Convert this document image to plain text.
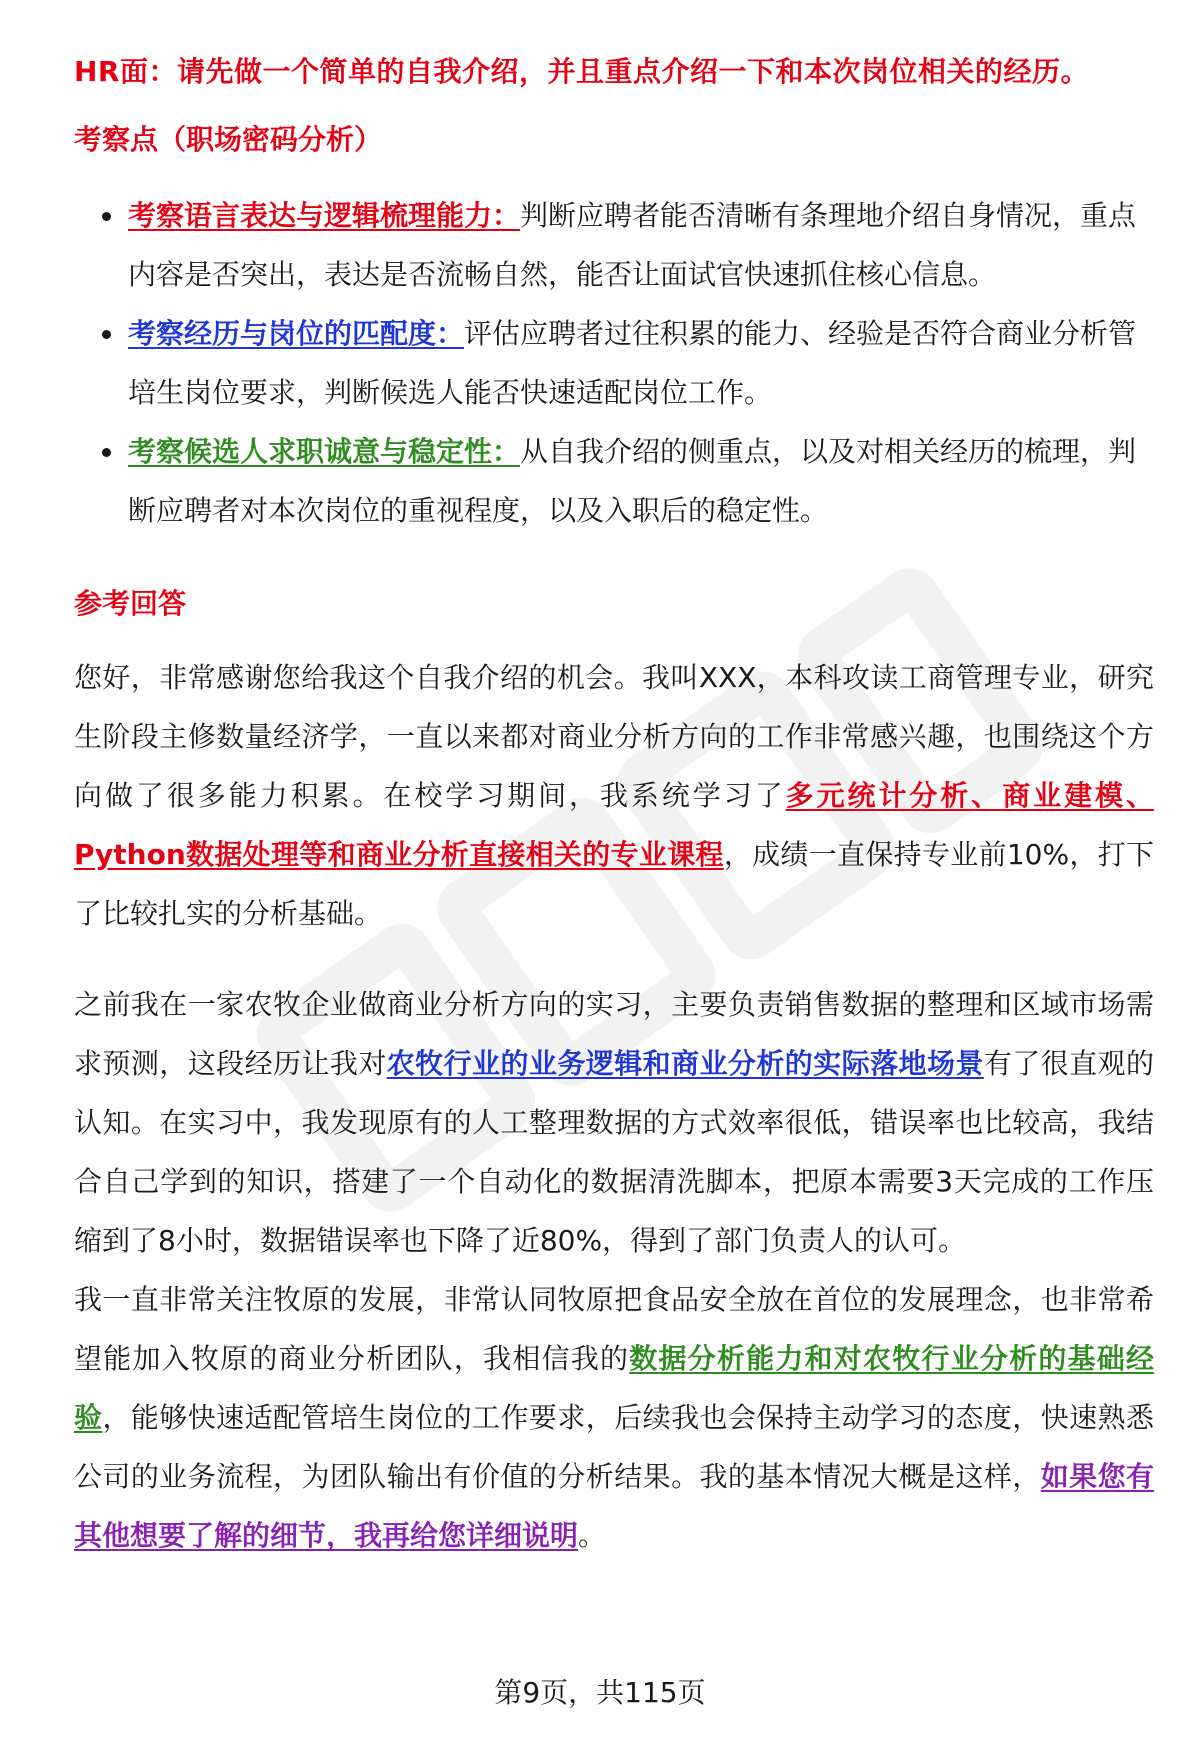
HR面：请先做一个简单的自我介绍，并且重点介绍一下和本次岗位相关的经历。
考察点（职场密码分析）
考察语言表达与逻辑梳理能力：判断应聘者能否清晰有条理地介绍自身情况，重点内容是否突出，表达是否流畅自然，能否让面试官快速抓住核心信息。
考察经历与岗位的匹配度：评估应聘者过往积累的能力、经验是否符合商业分析管培生岗位要求，判断候选人能否快速适配岗位工作。
考察候选人求职诚意与稳定性：从自我介绍的侧重点，以及对相关经历的梳理，判断应聘者对本次岗位的重视程度，以及入职后的稳定性。
参考回答

您好，非常感谢您给我这个自我介绍的机会。我叫XXX，本科攻读工商管理专业，研究生阶段主修数量经济学，一直以来都对商业分析方向的工作非常感兴趣，也围绕这个方向做了很多能力积累。在校学习期间，我系统学习了多元统计分析、商业建模、Python数据处理等和商业分析直接相关的专业课程，成绩一直保持专业前10%，打下了比较扎实的分析基础。

之前我在一家农牧企业做商业分析方向的实习，主要负责销售数据的整理和区域市场需求预测，这段经历让我对农牧行业的业务逻辑和商业分析的实际落地场景有了很直观的认知。在实习中，我发现原有的人工整理数据的方式效率很低，错误率也比较高，我结合自己学到的知识，搭建了一个自动化的数据清洗脚本，把原本需要3天完成的工作压缩到了8小时，数据错误率也下降了近80%，得到了部门负责人的认可。

我一直非常关注牧原的发展，非常认同牧原把食品安全放在首位的发展理念，也非常希望能加入牧原的商业分析团队，我相信我的数据分析能力和对农牧行业分析的基础经验，能够快速适配管培生岗位的工作要求，后续我也会保持主动学习的态度，快速熟悉公司的业务流程，为团队输出有价值的分析结果。我的基本情况大概是这样，如果您有其他想要了解的细节，我再给您详细说明。

第9页，共115页
